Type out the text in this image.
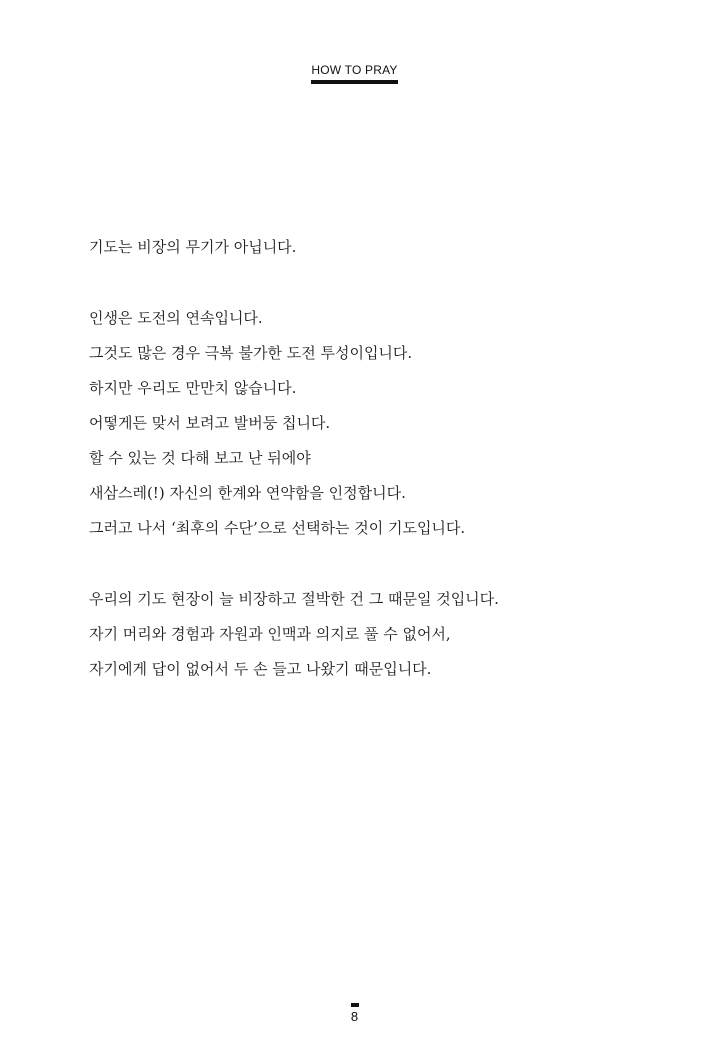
HOW TO PRAY

기도는 비장의 무기가 아닙니다.

인생은 도전의 연속입니다.
그것도 많은 경우 극복 불가한 도전 투성이입니다.
하지만 우리도 만만치 않습니다.
어떻게든 맞서 보려고 발버둥 칩니다.
할 수 있는 것 다해 보고 난 뒤에야
새삼스레(!) 자신의 한계와 연약함을 인정합니다.
그러고 나서 ‘최후의 수단’으로 선택하는 것이 기도입니다.

우리의 기도 현장이 늘 비장하고 절박한 건 그 때문일 것입니다.
자기 머리와 경험과 자원과 인맥과 의지로 풀 수 없어서,
자기에게 답이 없어서 두 손 들고 나왔기 때문입니다.

8
